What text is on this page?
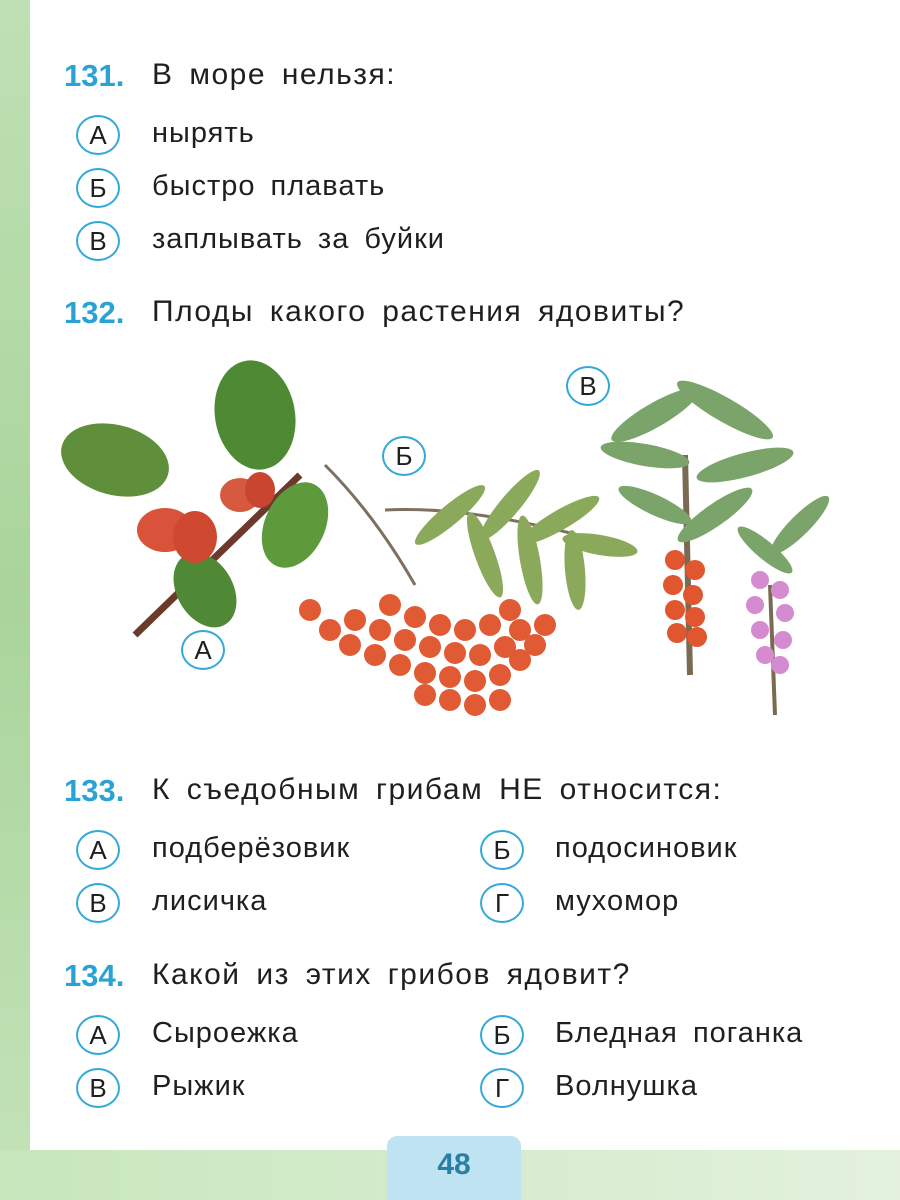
131. В море нельзя:
А	нырять
Б	быстро плавать
В	заплывать за буйки
132. Плоды какого растения ядовиты?
А
Б
В
133. К съедобным грибам НЕ относится:
А	подберёзовик	Б	подосиновик
В	лисичка	Г	мухомор
134. Какой из этих грибов ядовит?
А	Сыроежка	Б	Бледная поганка
В	Рыжик	Г	Волнушка
48
